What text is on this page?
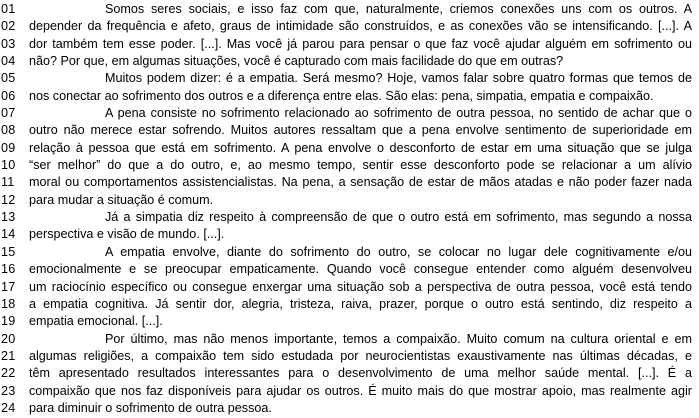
01	Somos seres sociais, e isso faz com que, naturalmente, criemos conexões uns com os outros. A
02	depender da frequência e afeto, graus de intimidade são construídos, e as conexões vão se intensificando. [...]. A
03	dor também tem esse poder. [...]. Mas você já parou para pensar o que faz você ajudar alguém em sofrimento ou
04	não? Por que, em algumas situações, você é capturado com mais facilidade do que em outras?
05	Muitos podem dizer: é a empatia. Será mesmo? Hoje, vamos falar sobre quatro formas que temos de
06	nos conectar ao sofrimento dos outros e a diferença entre elas. São elas: pena, simpatia, empatia e compaixão.
07	A pena consiste no sofrimento relacionado ao sofrimento de outra pessoa, no sentido de achar que o
08	outro não merece estar sofrendo. Muitos autores ressaltam que a pena envolve sentimento de superioridade em
09	relação à pessoa que está em sofrimento. A pena envolve o desconforto de estar em uma situação que se julga
10	“ser melhor” do que a do outro, e, ao mesmo tempo, sentir esse desconforto pode se relacionar a um alívio
11	moral ou comportamentos assistencialistas. Na pena, a sensação de estar de mãos atadas e não poder fazer nada
12	para mudar a situação é comum.
13	Já a simpatia diz respeito à compreensão de que o outro está em sofrimento, mas segundo a nossa
14	perspectiva e visão de mundo. [...].
15	A empatia envolve, diante do sofrimento do outro, se colocar no lugar dele cognitivamente e/ou
16	emocionalmente e se preocupar empaticamente. Quando você consegue entender como alguém desenvolveu
17	um raciocínio específico ou consegue enxergar uma situação sob a perspectiva de outra pessoa, você está tendo
18	a empatia cognitiva. Já sentir dor, alegria, tristeza, raiva, prazer, porque o outro está sentindo, diz respeito a
19	empatia emocional. [...].
20	Por último, mas não menos importante, temos a compaixão. Muito comum na cultura oriental e em
21	algumas religiões, a compaixão tem sido estudada por neurocientistas exaustivamente nas últimas décadas, e
22	têm apresentado resultados interessantes para o desenvolvimento de uma melhor saúde mental. [...]. É a
23	compaixão que nos faz disponíveis para ajudar os outros. É muito mais do que mostrar apoio, mas realmente agir
24	para diminuir o sofrimento de outra pessoa.
